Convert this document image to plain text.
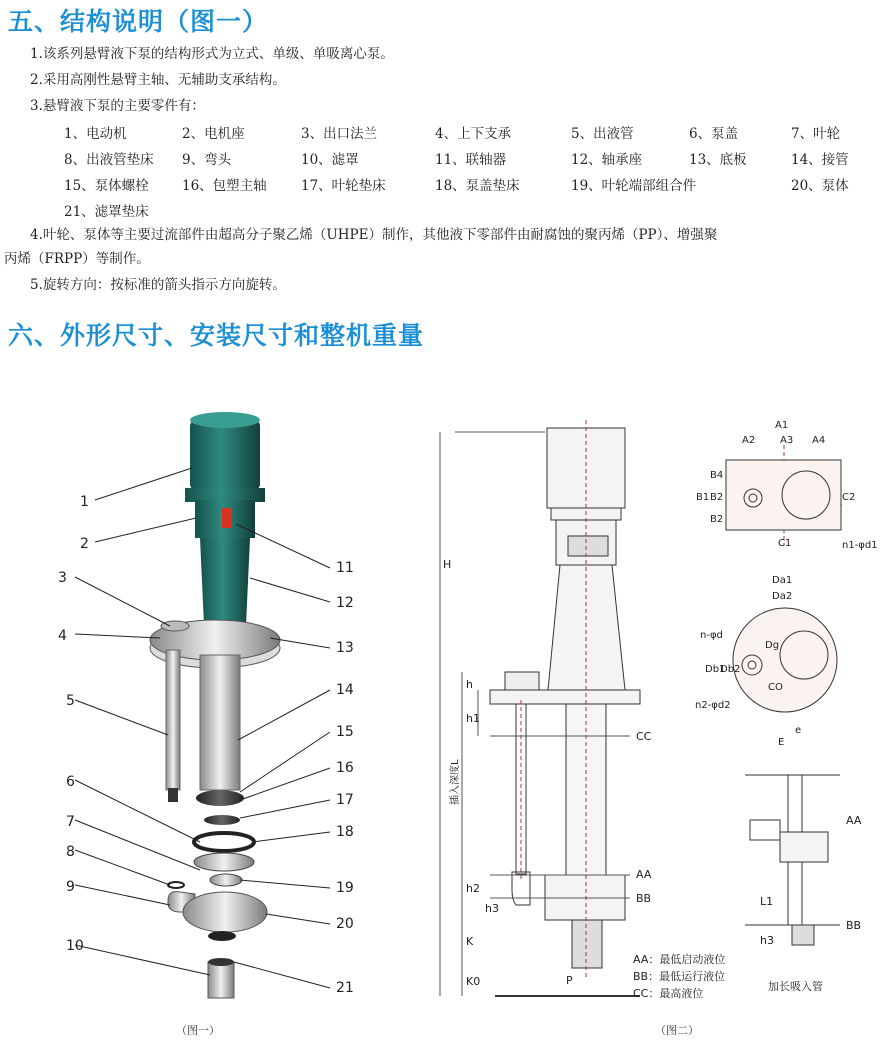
五、结构说明（图一）
1.该系列悬臂液下泵的结构形式为立式、单级、单吸离心泵。
2.采用高刚性悬臂主轴、无辅助支承结构。
3.悬臂液下泵的主要零件有：
1、电动机	2、电机座	3、出口法兰	4、上下支承	5、出液管	6、泵盖	7、叶轮
8、出液管垫床 9、弯头	10、滤罩	11、联轴器	12、轴承座	13、底板	14、接管
15、泵体螺栓 16、包塑主轴	17、叶轮垫床	18、泵盖垫床	19、叶轮端部组合件	20、泵体
21、滤罩垫床
4.叶轮、泵体等主要过流部件由超高分子聚乙烯（UHPE）制作，其他液下零部件由耐腐蚀的聚丙烯（PP）、增强聚
丙烯（FRPP）等制作。
5.旋转方向：按标准的箭头指示方向旋转。
六、外形尺寸、安装尺寸和整机重量
1
2
3
4
5
6
7
8
9
10
11
12
13
14
15
16
17
18
19
20
21
（图一）
H
h
h1
插入深度L
h2
h3
K
K0	P
CC
AA
BB
AA：最低启动液位
BB：最低运行液位
CC：最高液位
A1
A2 A3 A4
B1
B4
B2
B2
C2
C1	n1-φd1
Da1
Da2
n-φd
Dg
Db1
Db2
CO
n2-φd2
E
e
AA
L1
h3
BB
加长吸入管
（图二）
